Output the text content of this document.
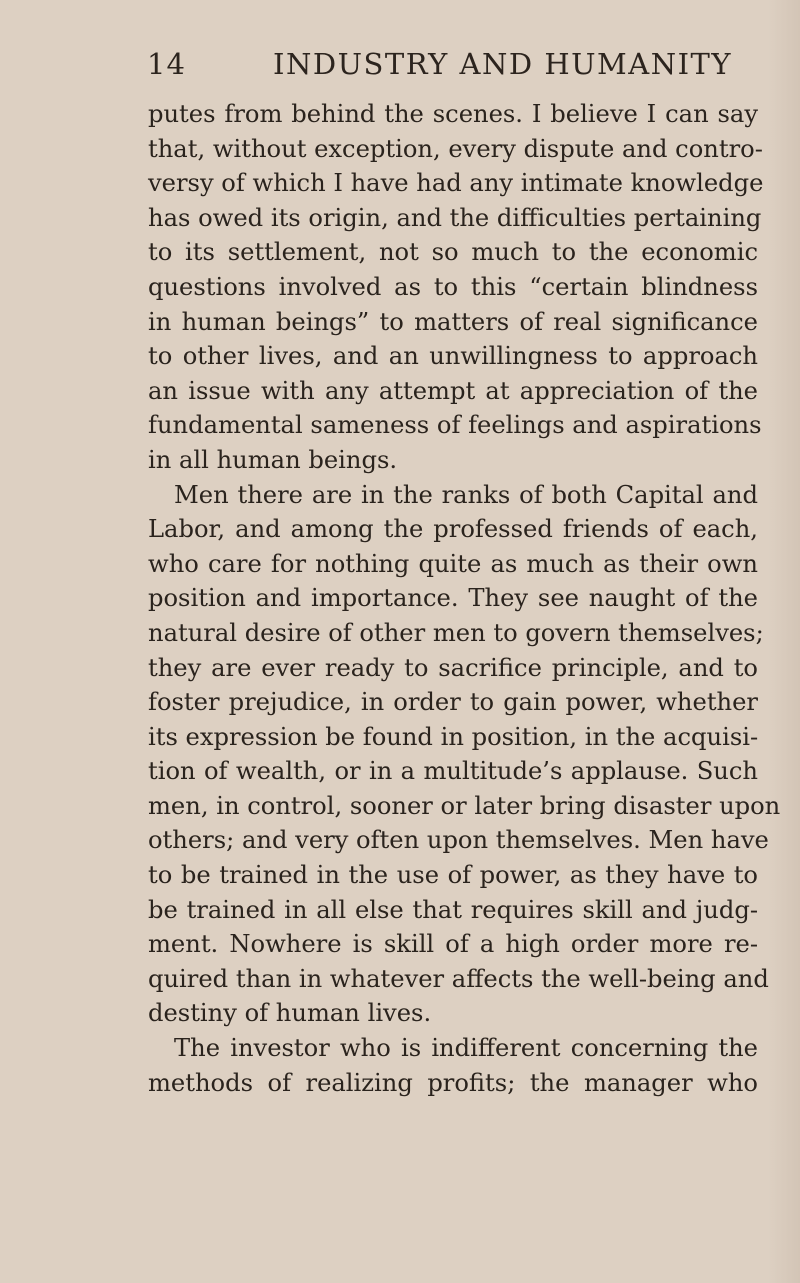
14	INDUSTRY AND HUMANITY

putes from behind the scenes. I believe I can say
that, without exception, every dispute and contro-
versy of which I have had any intimate knowledge
has owed its origin, and the difficulties pertaining
to its settlement, not so much to the economic
questions involved as to this “certain blindness
in human beings” to matters of real significance
to other lives, and an unwillingness to approach
an issue with any attempt at appreciation of the
fundamental sameness of feelings and aspirations
in all human beings.

Men there are in the ranks of both Capital and
Labor, and among the professed friends of each,
who care for nothing quite as much as their own
position and importance. They see naught of the
natural desire of other men to govern themselves;
they are ever ready to sacrifice principle, and to
foster prejudice, in order to gain power, whether
its expression be found in position, in the acquisi-
tion of wealth, or in a multitude’s applause. Such
men, in control, sooner or later bring disaster upon
others; and very often upon themselves. Men have
to be trained in the use of power, as they have to
be trained in all else that requires skill and judg-
ment. Nowhere is skill of a high order more re-
quired than in whatever affects the well-being and
destiny of human lives.

The investor who is indifferent concerning the
methods of realizing profits; the manager who
